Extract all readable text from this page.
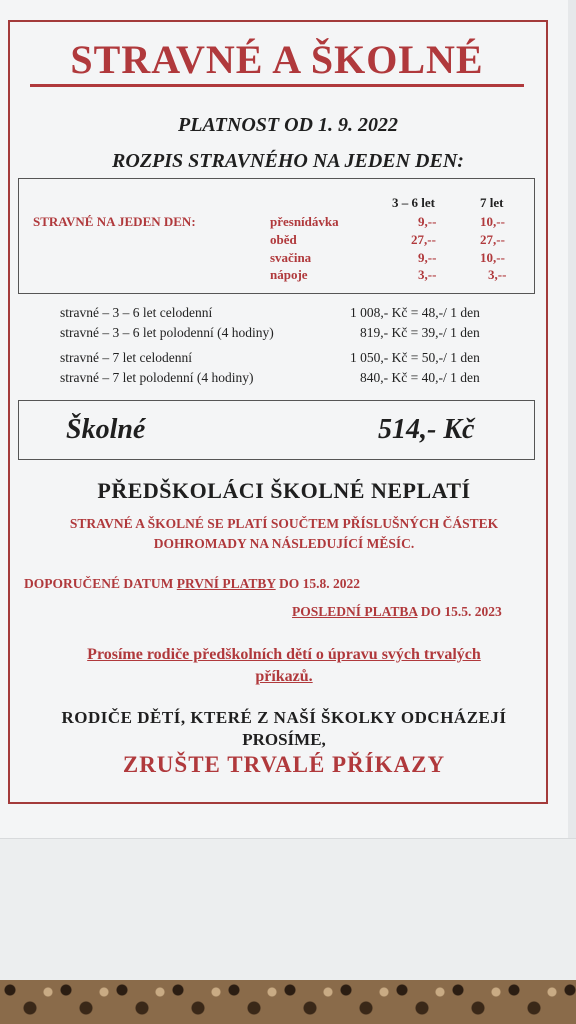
STRAVNÉ A ŠKOLNÉ
PLATNOST OD 1. 9. 2022
ROZPIS STRAVNÉHO NA JEDEN DEN:
STRAVNÉ NA JEDEN DEN:
3 – 6 let	7 let
přesnídávka	9,--	10,--
oběd	27,--	27,--
svačina	9,--	10,--
nápoje	3,--	3,--
stravné – 3 – 6 let celodenní	1 008,- Kč = 48,-/ 1 den
stravné – 3 – 6 let polodenní (4 hodiny)	819,- Kč = 39,-/ 1 den
stravné – 7 let celodenní	1 050,- Kč = 50,-/ 1 den
stravné – 7 let polodenní (4 hodiny)	840,- Kč = 40,-/ 1 den
Školné	514,- Kč
PŘEDŠKOLÁCI ŠKOLNÉ NEPLATÍ
STRAVNÉ A ŠKOLNÉ SE PLATÍ SOUČTEM PŘÍSLUŠNÝCH ČÁSTEK
DOHROMADY NA NÁSLEDUJÍCÍ MĚSÍC.
DOPORUČENÉ DATUM PRVNÍ PLATBY DO 15.8. 2022
POSLEDNÍ PLATBA DO 15.5. 2023
Prosíme rodiče předškolních dětí o úpravu svých trvalých
příkazů.
RODIČE DĚTÍ, KTERÉ Z NAŠÍ ŠKOLKY ODCHÁZEJÍ
PROSÍME,
ZRUŠTE TRVALÉ PŘÍKAZY
